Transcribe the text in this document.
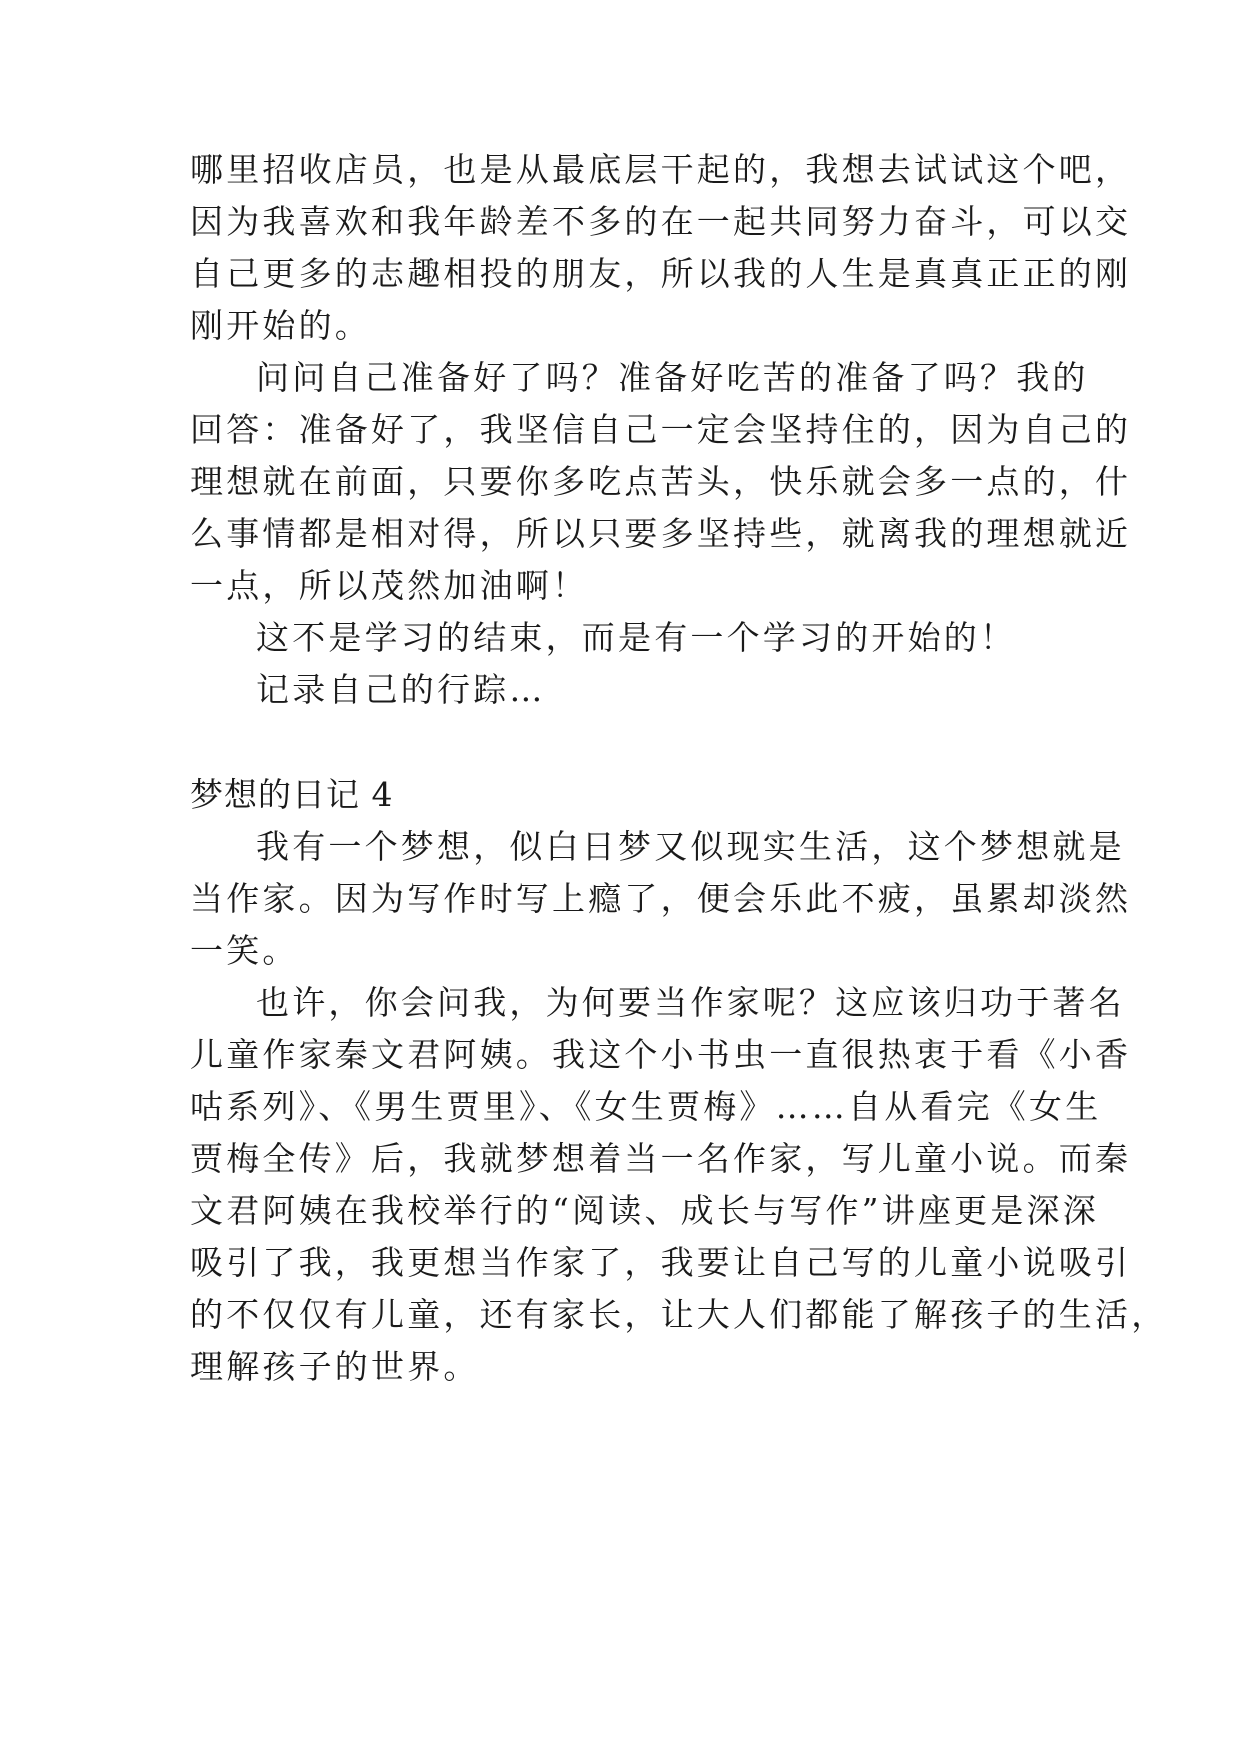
哪里招收店员，也是从最底层干起的，我想去试试这个吧，
因为我喜欢和我年龄差不多的在一起共同努力奋斗，可以交
自己更多的志趣相投的朋友，所以我的人生是真真正正的刚
刚开始的。
问问自己准备好了吗？准备好吃苦的准备了吗？我的
回答：准备好了，我坚信自己一定会坚持住的，因为自己的
理想就在前面，只要你多吃点苦头，快乐就会多一点的，什
么事情都是相对得，所以只要多坚持些，就离我的理想就近
一点，所以茂然加油啊！
这不是学习的结束，而是有一个学习的开始的！
记录自己的行踪…
梦想的日记 4
我有一个梦想，似白日梦又似现实生活，这个梦想就是
当作家。因为写作时写上瘾了，便会乐此不疲，虽累却淡然
一笑。
也许，你会问我，为何要当作家呢？这应该归功于著名
儿童作家秦文君阿姨。我这个小书虫一直很热衷于看《小香
咕系列》、《男生贾里》、《女生贾梅》……自从看完《女生
贾梅全传》后，我就梦想着当一名作家，写儿童小说。而秦
文君阿姨在我校举行的“阅读、成长与写作”讲座更是深深
吸引了我，我更想当作家了，我要让自己写的儿童小说吸引
的不仅仅有儿童，还有家长，让大人们都能了解孩子的生活，
理解孩子的世界。
